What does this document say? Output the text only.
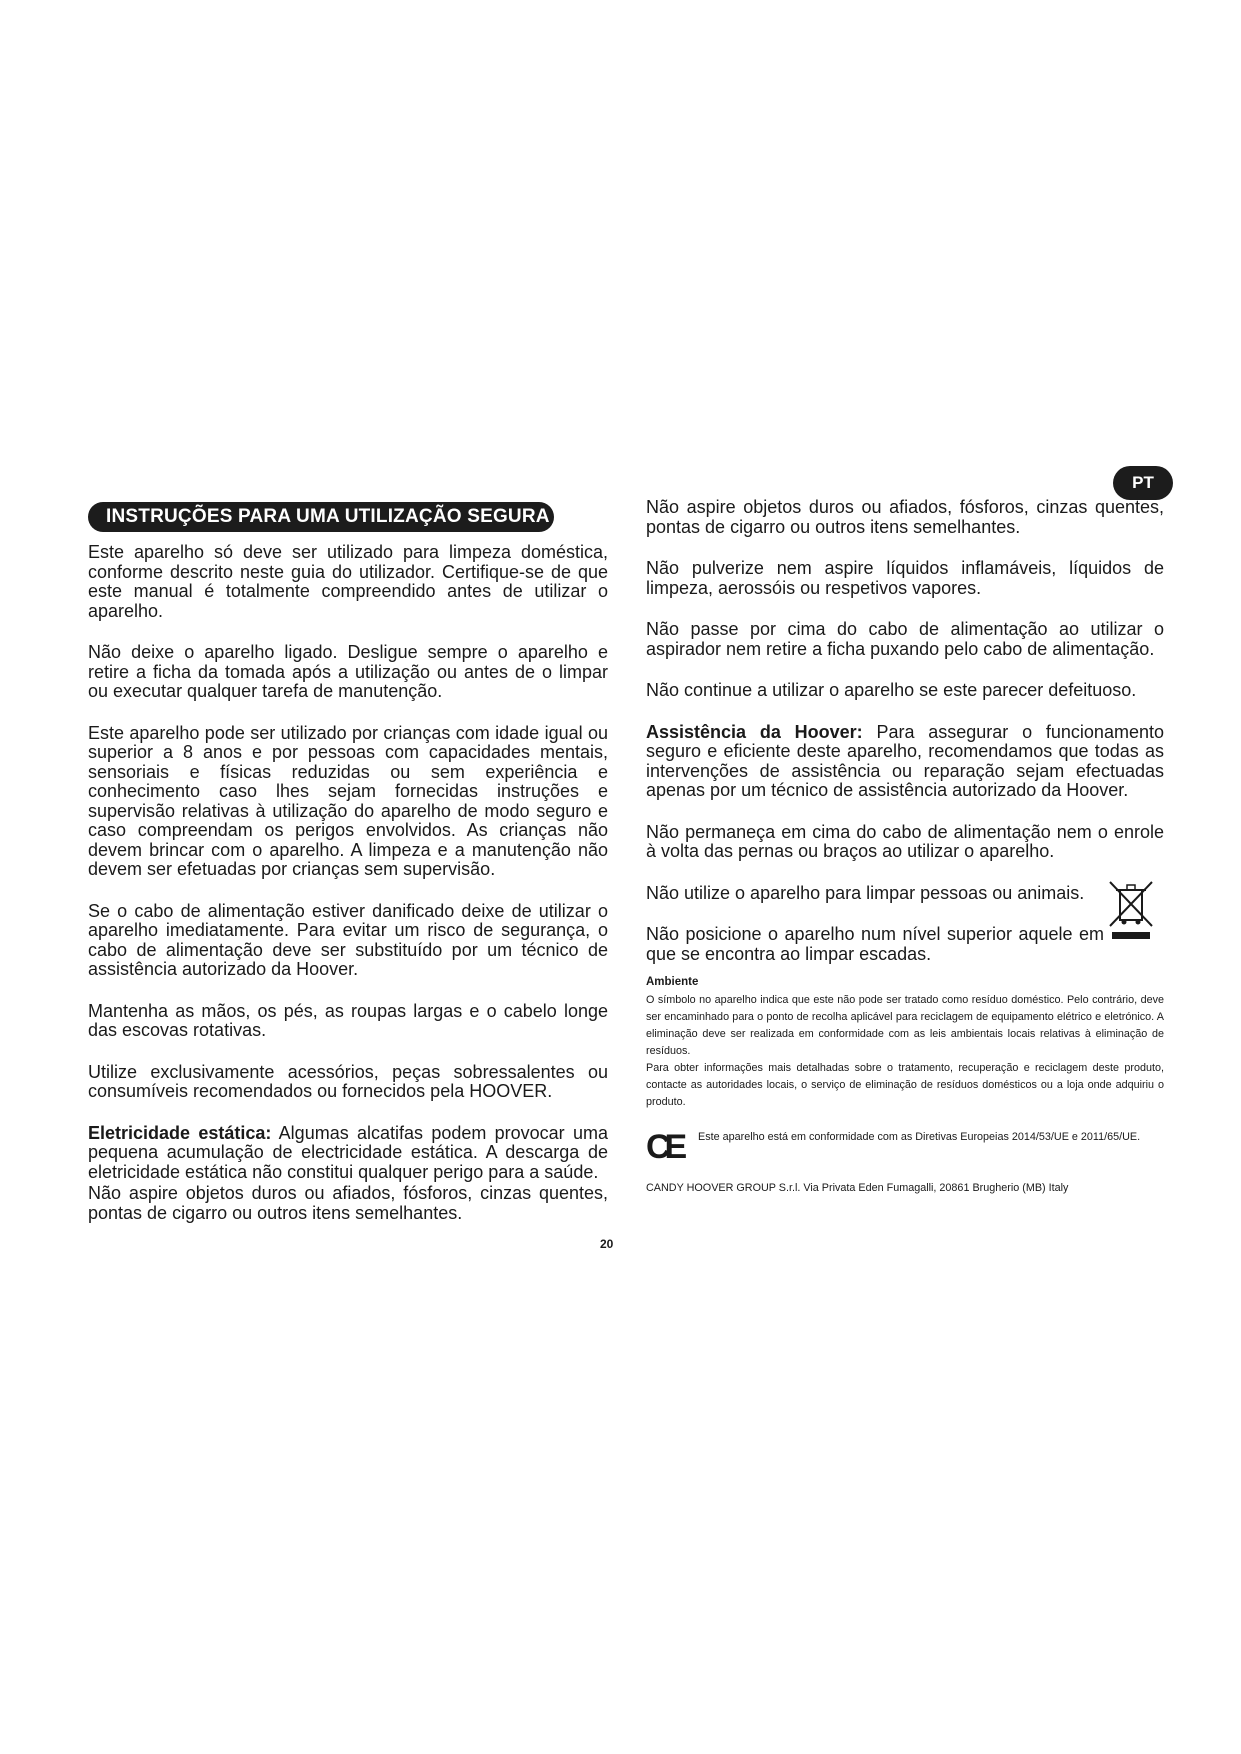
INSTRUÇÕES PARA UMA UTILIZAÇÃO SEGURA
PT

Este aparelho só deve ser utilizado para limpeza doméstica, conforme descrito neste guia do utilizador. Certifique-se de que este manual é totalmente compreendido antes de utilizar o aparelho.

Não deixe o aparelho ligado. Desligue sempre o aparelho e retire a ficha da tomada após a utilização ou antes de o limpar ou executar qualquer tarefa de manutenção.

Este aparelho pode ser utilizado por crianças com idade igual ou superior a 8 anos e por pessoas com capacidades mentais, sensoriais e físicas reduzidas ou sem experiência e conhecimento caso lhes sejam fornecidas instruções e supervisão relativas à utilização do aparelho de modo seguro e caso compreendam os perigos envolvidos. As crianças não devem brincar com o aparelho. A limpeza e a manutenção não devem ser efetuadas por crianças sem supervisão.

Se o cabo de alimentação estiver danificado deixe de utilizar o aparelho imediatamente. Para evitar um risco de segurança, o cabo de alimentação deve ser substituído por um técnico de assistência autorizado da Hoover.

Mantenha as mãos, os pés, as roupas largas e o cabelo longe das escovas rotativas.

Utilize exclusivamente acessórios, peças sobressalentes ou consumíveis recomendados ou fornecidos pela HOOVER.

Eletricidade estática: Algumas alcatifas podem provocar uma pequena acumulação de electricidade estática. A descarga de eletricidade estática não constitui qualquer perigo para a saúde.

Não aspire objetos duros ou afiados, fósforos, cinzas quentes, pontas de cigarro ou outros itens semelhantes.

Não aspire objetos duros ou afiados, fósforos, cinzas quentes, pontas de cigarro ou outros itens semelhantes.

Não pulverize nem aspire líquidos inflamáveis, líquidos de limpeza, aerossóis ou respetivos vapores.

Não passe por cima do cabo de alimentação ao utilizar o aspirador nem retire a ficha puxando pelo cabo de alimentação.

Não continue a utilizar o aparelho se este parecer defeituoso.

Assistência da Hoover: Para assegurar o funcionamento seguro e eficiente deste aparelho, recomendamos que todas as intervenções de assistência ou reparação sejam efectuadas apenas por um técnico de assistência autorizado da Hoover.

Não permaneça em cima do cabo de alimentação nem o enrole à volta das pernas ou braços ao utilizar o aparelho.

Não utilize o aparelho para limpar pessoas ou animais.

Não posicione o aparelho num nível superior aquele em que se encontra ao limpar escadas.

Ambiente
O símbolo no aparelho indica que este não pode ser tratado como resíduo doméstico. Pelo contrário, deve ser encaminhado para o ponto de recolha aplicável para reciclagem de equipamento elétrico e eletrónico. A eliminação deve ser realizada em conformidade com as leis ambientais locais relativas à eliminação de resíduos.
Para obter informações mais detalhadas sobre o tratamento, recuperação e reciclagem deste produto, contacte as autoridades locais, o serviço de eliminação de resíduos domésticos ou a loja onde adquiriu o produto.
CE	Este aparelho está em conformidade com as Diretivas Europeias 2014/53/UE e 2011/65/UE.
CANDY HOOVER GROUP S.r.l. Via Privata Eden Fumagalli, 20861 Brugherio (MB) Italy
20
